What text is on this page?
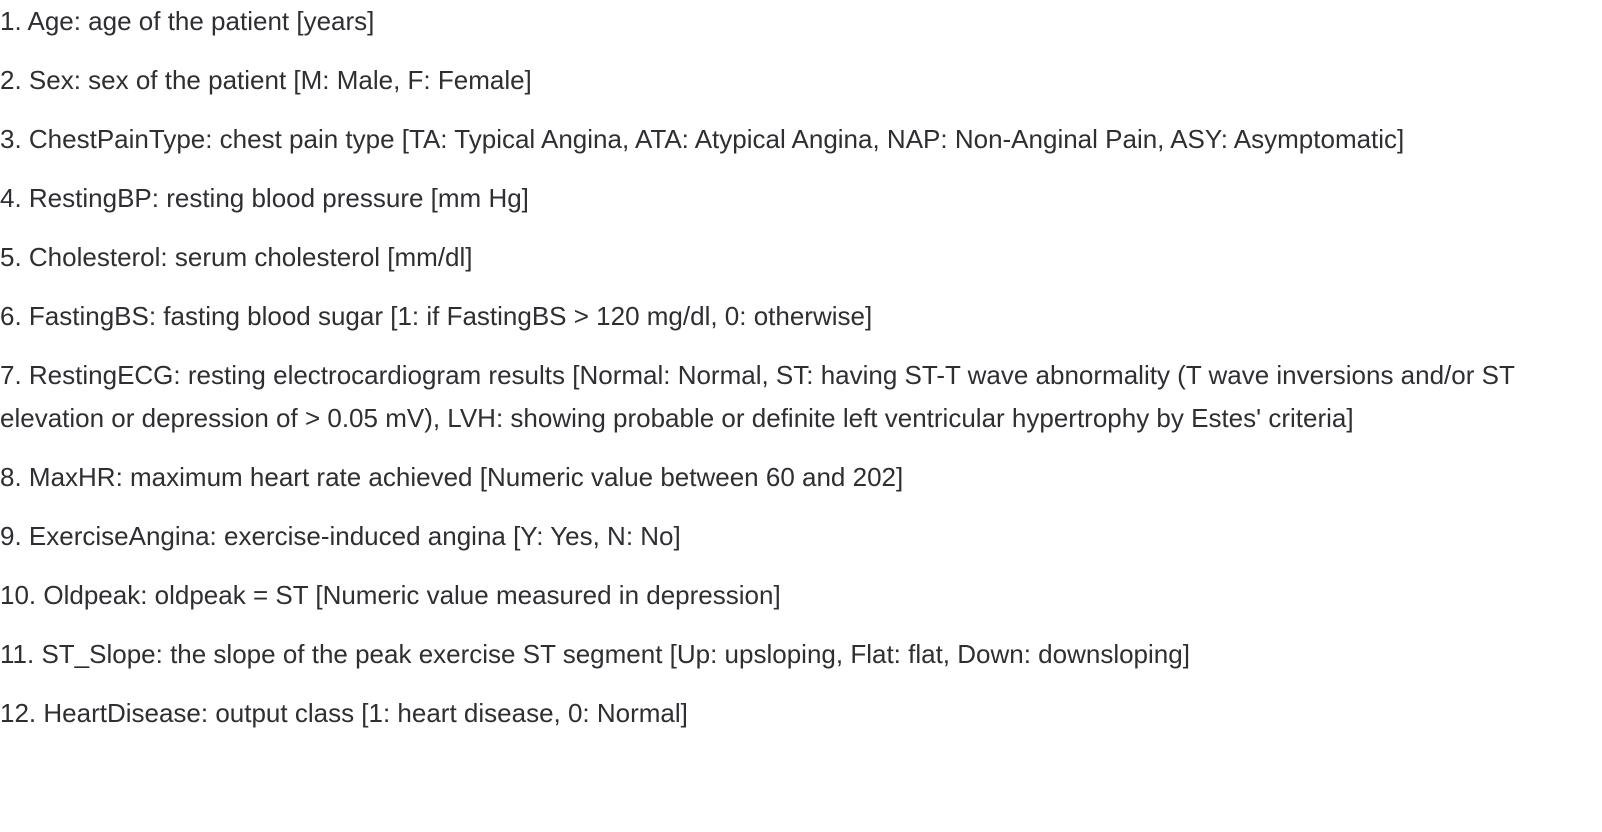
1. Age: age of the patient [years]

2. Sex: sex of the patient [M: Male, F: Female]

3. ChestPainType: chest pain type [TA: Typical Angina, ATA: Atypical Angina, NAP: Non-Anginal Pain, ASY: Asymptomatic]

4. RestingBP: resting blood pressure [mm Hg]

5. Cholesterol: serum cholesterol [mm/dl]

6. FastingBS: fasting blood sugar [1: if FastingBS > 120 mg/dl, 0: otherwise]

7. RestingECG: resting electrocardiogram results [Normal: Normal, ST: having ST-T wave abnormality (T wave inversions and/or ST elevation or depression of > 0.05 mV), LVH: showing probable or definite left ventricular hypertrophy by Estes' criteria]

8. MaxHR: maximum heart rate achieved [Numeric value between 60 and 202]

9. ExerciseAngina: exercise-induced angina [Y: Yes, N: No]

10. Oldpeak: oldpeak = ST [Numeric value measured in depression]

11. ST_Slope: the slope of the peak exercise ST segment [Up: upsloping, Flat: flat, Down: downsloping]

12. HeartDisease: output class [1: heart disease, 0: Normal]
